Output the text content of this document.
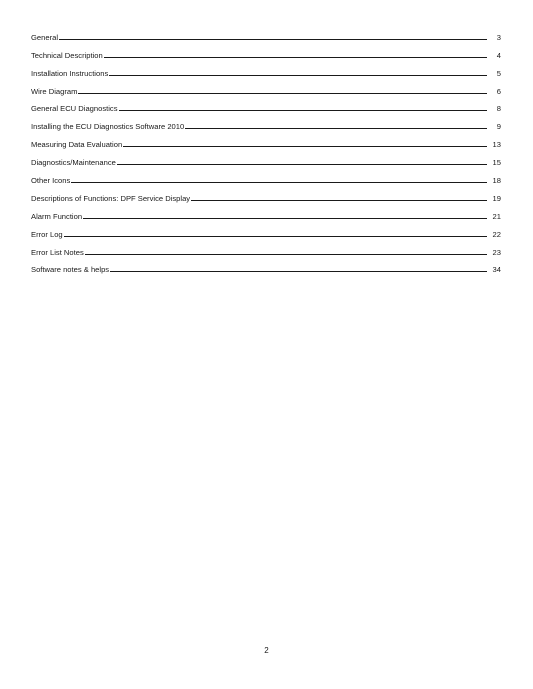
General	3
Technical Description	4
Installation Instructions	5
Wire Diagram	6
General ECU Diagnostics	8
Installing the ECU Diagnostics Software 2010	9
Measuring Data Evaluation	13
Diagnostics/Maintenance	15
Other Icons	18
Descriptions of Functions: DPF Service Display	19
Alarm Function	21
Error Log	22
Error List Notes	23
Software notes & helps	34
2
